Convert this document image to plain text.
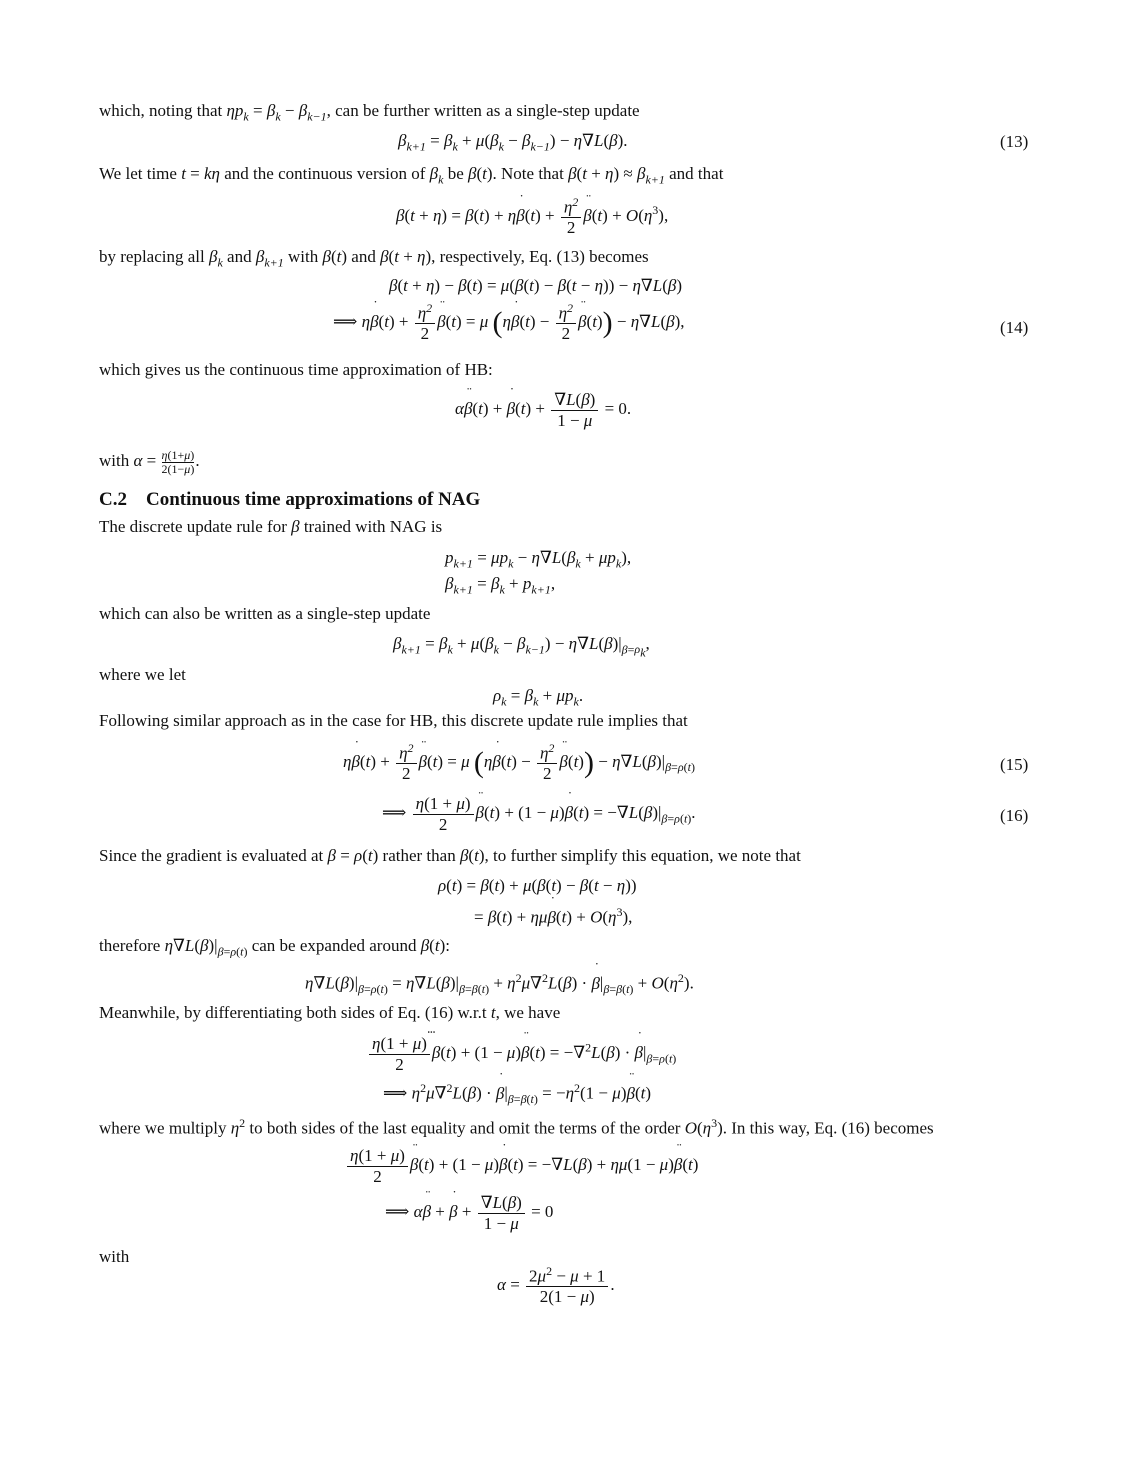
which, noting that $\eta p_k = \beta_k - \beta_{k-1}$, can be further written as a single-step update
$\beta_{k+1} = \beta_k + \mu(\beta_k - \beta_{k-1}) - \eta\nabla L(\beta)$.	(13)
We let time t = kη and the continuous version of $\beta_k$ be β(t). Note that $\beta(t + \eta) \approx \beta_{k+1}$ and that
β(t + η) = β(t) + η˙ $\beta(t) + \frac{\eta^2}{2}$ ¨ $\beta(t) + O(\eta^3)$,
by replacing all $\beta_k$ and $\beta_{k+1}$ with β(t) and β(t + η), respectively, Eq. (13) becomes
β(t + η) − β(t) = μ(β(t) − β(t − η)) − η∇L(β)
⟹ η˙ $\beta(t) + \frac{\eta^2}{2}$ ¨ β(t) = μ (η˙ $\beta(t) - \frac{\eta^2}{2}$ ¨ β(t)) − η∇L(β),	(14)
which gives us the continuous time approximation of HB:
α¨ β(t) + ˙ $\beta(t) + \frac{\nabla L(\beta)}{1 - \mu} = 0$.
with $\alpha = \frac{\eta(1+\mu)}{2(1-\mu)}$ .
C.2 Continuous time approximations of NAG
The discrete update rule for β trained with NAG is
$p_{k+1} = \mu p_k - \eta\nabla L(\beta_k + \mu p_k)$,
$\beta_{k+1} = \beta_k + p_{k+1}$,
which can also be written as a single-step update
$\beta_{k+1} = \beta_k + \mu(\beta_k - \beta_{k-1}) - \eta\nabla L(\beta)|_{\beta=\rho_k}$,
where we let
$\rho_k = \beta_k + \mu p_k$.
Following similar approach as in the case for HB, this discrete update rule implies that
η˙ $\beta(t) + \frac{\eta^2}{2}$ ¨ β(t) = μ (η˙ $\beta(t) - \frac{\eta^2}{2}$ ¨ $\beta(t)) - \eta\nabla L(\beta)|_{\beta=\rho(t)}$	(15)
⟹ $\frac{\eta(1 + \mu)}{2}$ ¨ β(t) + (1 − μ)˙ $\beta(t) = -\nabla L(\beta)|_{\beta=\rho(t)}$.	(16)
Since the gradient is evaluated at β = ρ(t) rather than β(t), to further simplify this equation, we note that
ρ(t) = β(t) + μ(β(t) − β(t − η))
= β(t) + ημ˙ $\beta(t) + O(\eta^3)$,
therefore $\eta\nabla L(\beta)|_{\beta=\rho(t)}$ can be expanded around β(t):
$\eta\nabla L(\beta)|_{\beta=\rho(t)} = \eta\nabla L(\beta)|_{\beta=\beta(t)} + \eta^2\mu\nabla^2L(\beta)$ · ˙ $\beta|_{\beta=\beta(t)} + O(\eta^2)$.
Meanwhile, by differentiating both sides of Eq. (16) w.r.t t, we have
$\frac{\eta(1 + \mu)}{2}$ ⃛ β(t) + (1 − μ)¨ β(t) = −∇$^2$L(β) · ˙ $\beta|_{\beta=\rho(t)}$
⟹ $\eta^2\mu\nabla^2L(\beta)$ · ˙ $\beta|_{\beta=\beta(t)} = -\eta^2(1$ − μ)¨ β(t)
where we multiply $\eta^2$ to both sides of the last equality and omit the terms of the order $O(\eta^3)$. In this way, Eq. (16) becomes
$\frac{\eta(1 + \mu)}{2}$ ¨ β(t) + (1 − μ)˙ β(t) = −∇L(β) + ημ(1 − μ)¨ β(t)
⟹ α¨ β + ˙ $\beta + \frac{\nabla L(\beta)}{1 - \mu} = 0$
with
$\alpha = \frac{2\mu^2 - \mu + 1}{2(1 - \mu)}$ .
